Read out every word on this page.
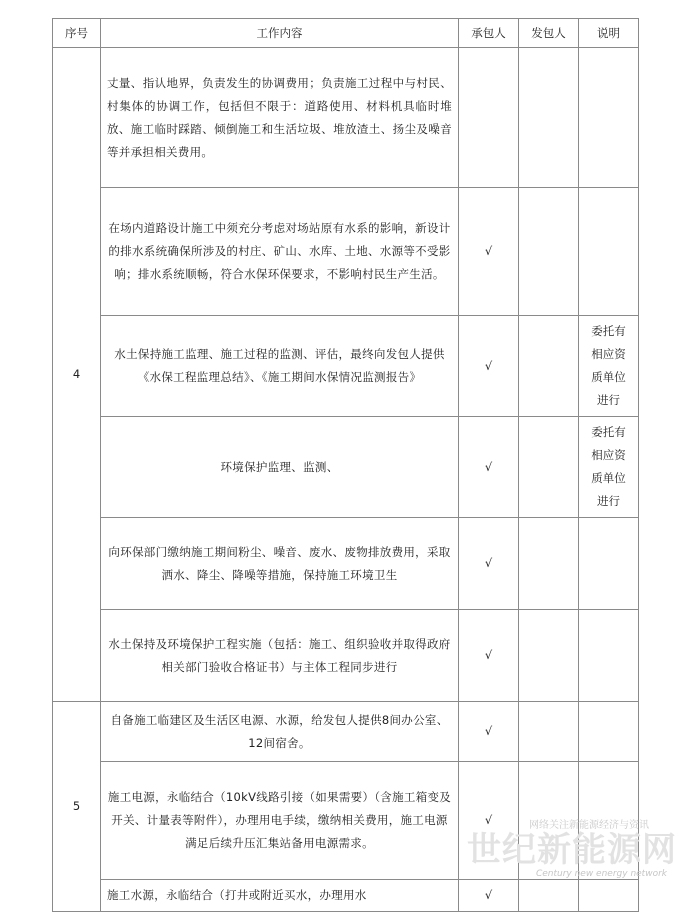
序号	工作内容	承包人	发包人	说明
4	丈量、指认地界，负责发生的协调费用；负责施工过程中与村民、村集体的协调工作，包括但不限于：道路使用、材料机具临时堆放、施工临时踩踏、倾倒施工和生活垃圾、堆放渣土、扬尘及噪音等并承担相关费用。			
	在场内道路设计施工中须充分考虑对场站原有水系的影响，新设计的排水系统确保所涉及的村庄、矿山、水库、土地、水源等不受影响；排水系统顺畅，符合水保环保要求，不影响村民生产生活。	√		
	水土保持施工监理、施工过程的监测、评估，最终向发包人提供《水保工程监理总结》、《施工期间水保情况监测报告》	√		委托有相应资质单位进行
	环境保护监理、监测、	√		委托有相应资质单位进行
	向环保部门缴纳施工期间粉尘、噪音、废水、废物排放费用，采取洒水、降尘、降噪等措施，保持施工环境卫生	√		
	水土保持及环境保护工程实施（包括：施工、组织验收并取得政府相关部门验收合格证书）与主体工程同步进行	√		
5	自备施工临建区及生活区电源、水源，给发包人提供8间办公室、12间宿舍。	√		
	施工电源，永临结合（10kV线路引接（如果需要）（含施工箱变及开关、计量表等附件），办理用电手续，缴纳相关费用，施工电源满足后续升压汇集站备用电源需求。	√		
	施工水源，永临结合（打井或附近买水，办理用水	√		
网络关注新能源经济与资讯
世纪新能源网
Century new energy network
